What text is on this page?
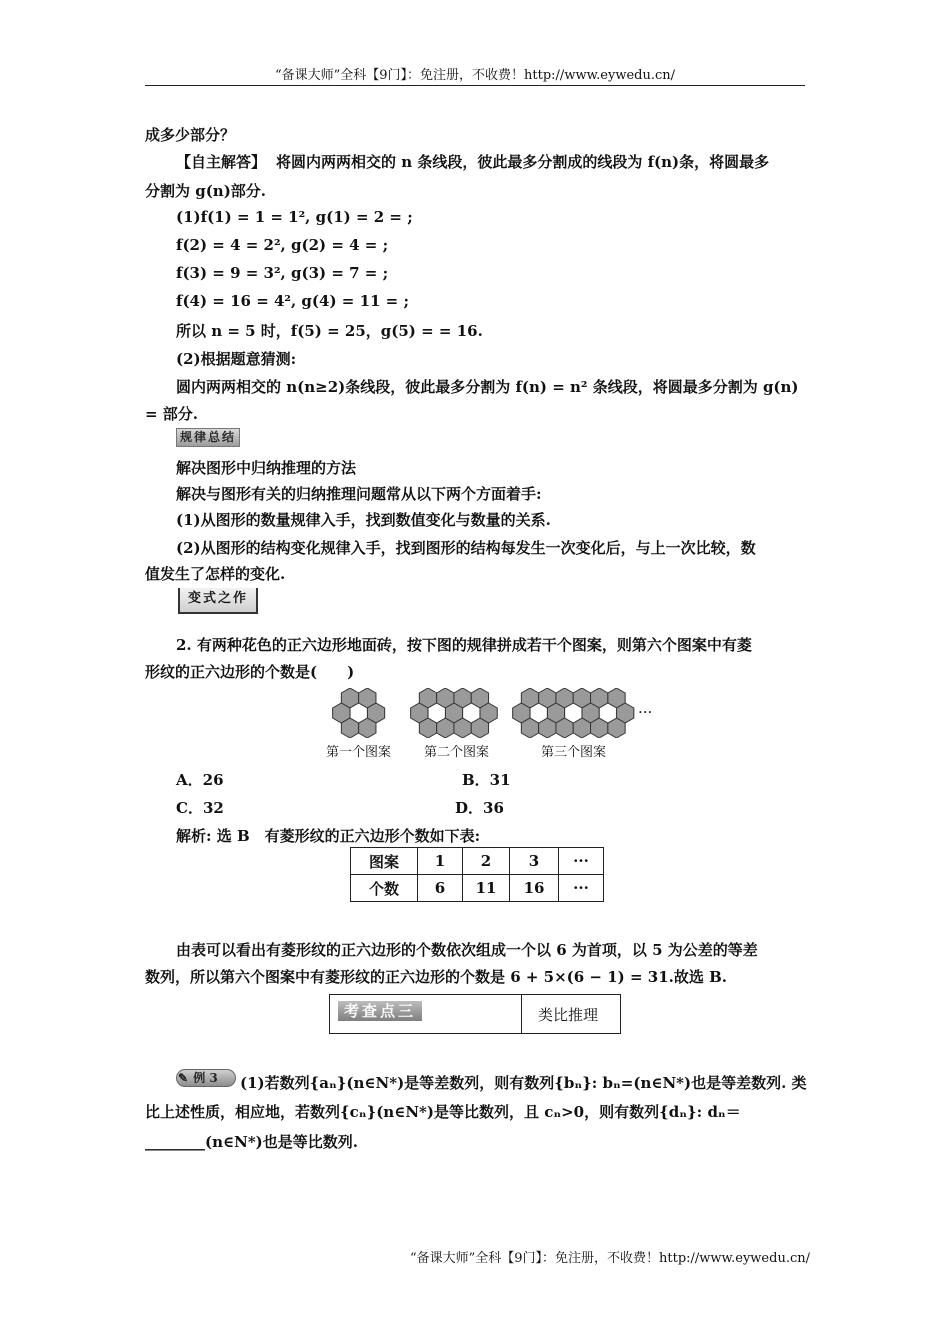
“备课大师”全科【9门】：免注册，不收费！http://www.eywedu.cn/
成多少部分？
【自主解答】 将圆内两两相交的 n 条线段，彼此最多分割成的线段为 f(n)条，将圆最多
分割为 g(n)部分.
(1)f(1) = 1 = 1², g(1) = 2 = ;
f(2) = 4 = 2², g(2) = 4 = ;
f(3) = 9 = 3², g(3) = 7 = ;
f(4) = 16 = 4², g(4) = 11 = ;
所以 n = 5 时，f(5) = 25，g(5) = = 16.
(2)根据题意猜测:
圆内两两相交的 n(n≥2)条线段，彼此最多分割为 f(n) = n² 条线段，将圆最多分割为 g(n)
= 部分.
规律总结
解决图形中归纳推理的方法
解决与图形有关的归纳推理问题常从以下两个方面着手:
(1)从图形的数量规律入手，找到数值变化与数量的关系.
(2)从图形的结构变化规律入手，找到图形的结构每发生一次变化后，与上一次比较，数
值发生了怎样的变化.
变式之作
2. 有两种花色的正六边形地面砖，按下图的规律拼成若干个图案，则第六个图案中有菱
形纹的正六边形的个数是(　　)
···
第一个图案	第二个图案	第三个图案
A．26	B．31
C．32	D．36
解析: 选 B　有菱形纹的正六边形个数如下表:
图案	1	2	3	···
个数	6	11	16	···
由表可以看出有菱形纹的正六边形的个数依次组成一个以 6 为首项，以 5 为公差的等差
数列，所以第六个图案中有菱形纹的正六边形的个数是 6 + 5×(6 − 1) = 31.故选 B.
考查点三	类比推理
✎ 例 3	(1)若数列{aₙ}(n∈N*)是等差数列，则有数列{bₙ}: bₙ=(n∈N*)也是等差数列. 类
比上述性质，相应地，若数列{cₙ}(n∈N*)是等比数列，且 cₙ>0，则有数列{dₙ}: dₙ＝
________(n∈N*)也是等比数列.
“备课大师”全科【9门】：免注册，不收费！http://www.eywedu.cn/
